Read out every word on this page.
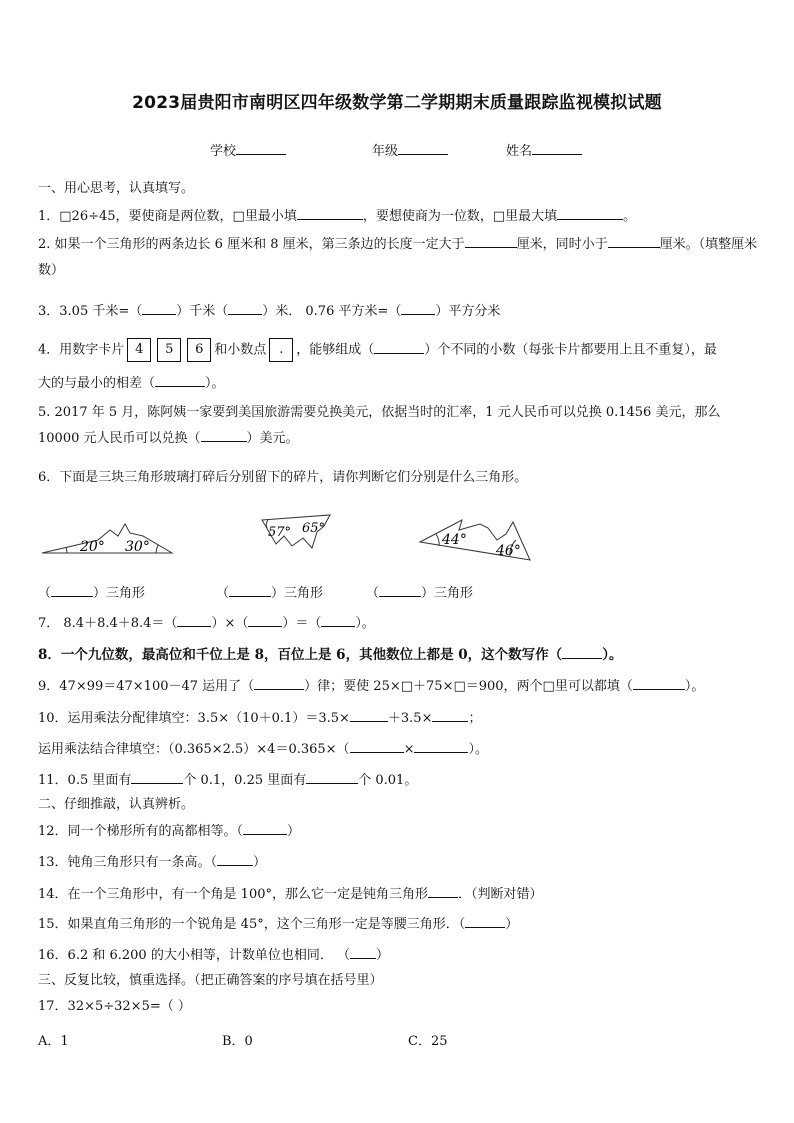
2023届贵阳市南明区四年级数学第二学期期末质量跟踪监视模拟试题
学校	年级	姓名
一、用心思考，认真填写。
1．□26÷45，要使商是两位数，□里最小填	，要想使商为一位数，□里最大填	。
2. 如果一个三角形的两条边长 6 厘米和 8 厘米，第三条边的长度一定大于	厘米，同时小于	厘米。（填整厘米数）
3．3.05 千米=（	）千米（	）米． 0.76 平方米=（	）平方分米
4．用数字卡片 4 5 6 和小数点 . ，能够组成（	）个不同的小数（每张卡片都要用上且不重复），最
大的与最小的相差（	）。
5. 2017 年 5 月，陈阿姨一家要到美国旅游需要兑换美元，依据当时的汇率，1 元人民币可以兑换 0.1456 美元，那么 10000 元人民币可以兑换（	）美元。
6．下面是三块三角形玻璃打碎后分别留下的碎片，请你判断它们分别是什么三角形。
20° 30°
57° 65°
44°
46°
（	）三角形	（	）三角形	（	）三角形
7． 8.4＋8.4＋8.4＝（	）×（	）＝（	）。
8．一个九位数，最高位和千位上是 8，百位上是 6，其他数位上都是 0，这个数写作（	）。
9．47×99＝47×100－47 运用了（	）律；要使 25×□＋75×□＝900，两个□里可以都填（	）。
10．运用乘法分配律填空：3.5×（10＋0.1）＝3.5×	＋3.5×	；
运用乘法结合律填空：（0.365×2.5）×4＝0.365×（	×	）。
11．0.5 里面有	个 0.1，0.25 里面有	个 0.01。
二、仔细推敲，认真辨析。
12．同一个梯形所有的高都相等。（	）
13．钝角三角形只有一条高。（	）
14．在一个三角形中，有一个角是 100°，那么它一定是钝角三角形 ．（判断对错）
15．如果直角三角形的一个锐角是 45°，这个三角形一定是等腰三角形．（	）
16．6.2 和 6.200 的大小相等，计数单位也相同． （ ）
三、反复比较，慎重选择。（把正确答案的序号填在括号里）
17．32×5÷32×5=（ ）
A．1	B．0	C．25
